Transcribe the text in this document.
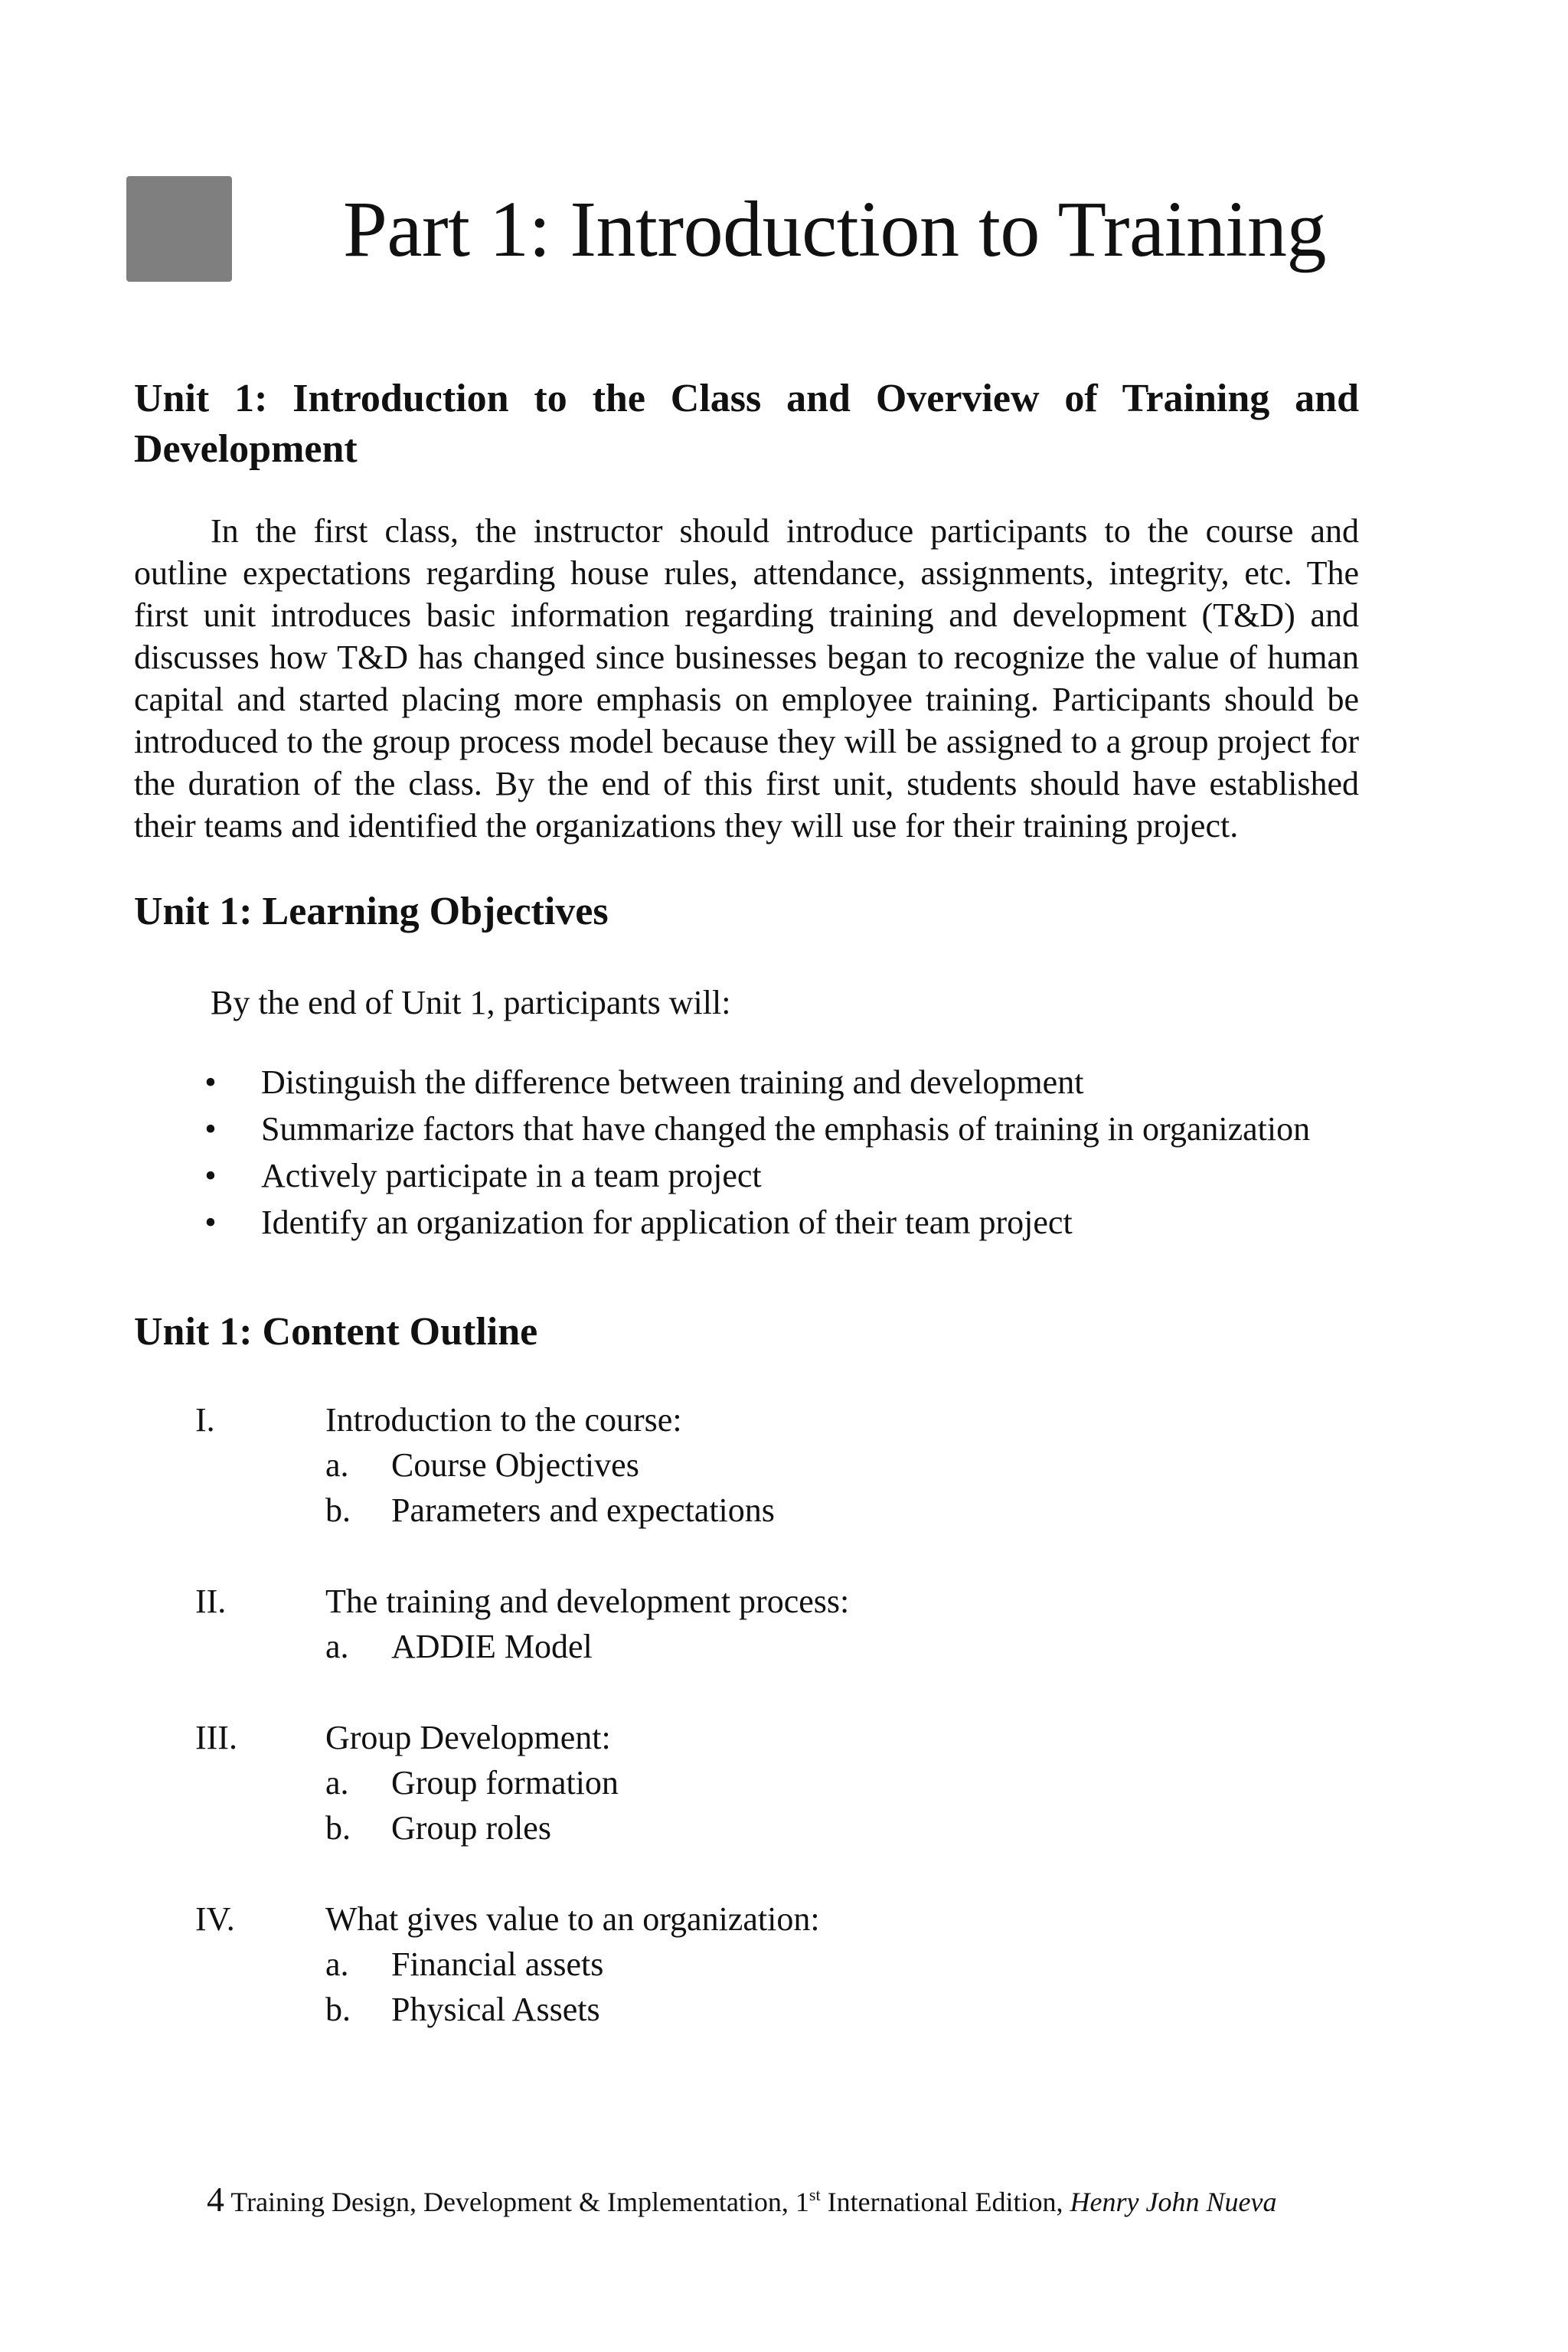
Part 1: Introduction to Training
Unit 1: Introduction to the Class and Overview of Training and Development

In the first class, the instructor should introduce participants to the course and outline expectations regarding house rules, attendance, assignments, integrity, etc. The first unit introduces basic information regarding training and development (T&D) and discusses how T&D has changed since businesses began to recognize the value of human capital and started placing more emphasis on employee training. Participants should be introduced to the group process model because they will be assigned to a group project for the duration of the class. By the end of this first unit, students should have established their teams and identified the organizations they will use for their training project.

Unit 1: Learning Objectives

By the end of Unit 1, participants will:

• Distinguish the difference between training and development
• Summarize factors that have changed the emphasis of training in organization
• Actively participate in a team project
• Identify an organization for application of their team project
Unit 1: Content Outline
I.	Introduction to the course:
a. Course Objectives
b. Parameters and expectations
II.	The training and development process:
a. ADDIE Model
III.	Group Development:
a. Group formation
b. Group roles
IV.	What gives value to an organization:
a. Financial assets
b. Physical Assets
4 Training Design, Development & Implementation, 1st International Edition, Henry John Nueva
